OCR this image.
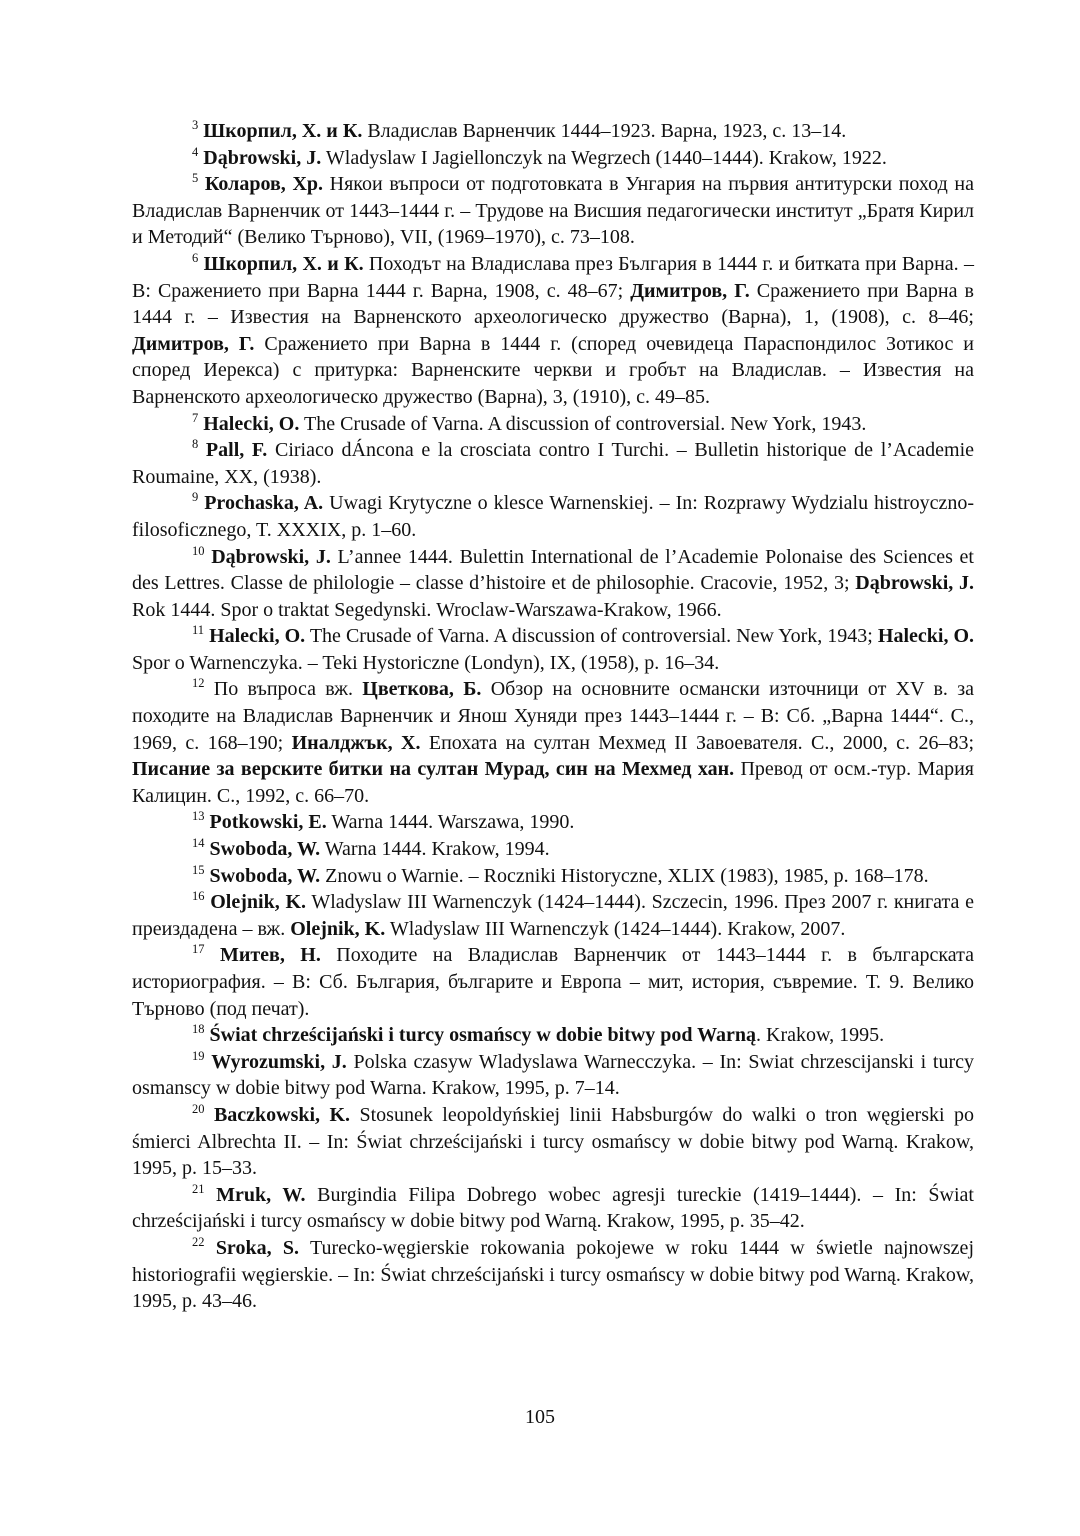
$^3$ Шкорпил, Х. и К. Владислав Варненчик 1444–1923. Варна, 1923, с. 13–14.

$^4$ Dąbrowski, J. Wladyslaw I Jagiellonczyk na Wegrzech (1440–1444). Krakow, 1922.

$^5$ Коларов, Хр. Някои въпроси от подготовката в Унгария на първия антитурски поход на Владислав Варненчик от 1443–1444 г. – Трудове на Висшия педагогически институт „Братя Кирил и Методий“ (Велико Търново), VII, (1969–1970), с. 73–108.

$^6$ Шкорпил, Х. и К. Походът на Владислава през България в 1444 г. и битката при Варна. – В: Сражението при Варна 1444 г. Варна, 1908, с. 48–67; Димитров, Г. Сражението при Варна в 1444 г. – Известия на Варненското археологическо дружество (Варна), 1, (1908), с. 8–46; Димитров, Г. Сражението при Варна в 1444 г. (според очевидеца Параспондилос Зотикос и според Иерекса) с притурка: Варненските черкви и гробът на Владислав. – Известия на Варненското археологическо дружество (Варна), 3, (1910), с. 49–85.

$^7$ Halecki, O. The Crusade of Varna. A discussion of controversial. New York, 1943.

$^8$ Pall, F. Ciriaco dÁncona e la crosciata contro I Turchi. – Bulletin historique de l’Academie Roumaine, XX, (1938).

$^9$ Prochaska, A. Uwagi Krytyczne o klesce Warnenskiej. – In: Rozprawy Wydzialu histroyczno-filosoficznego, T. XXXIX, p. 1–60.

$^{10}$ Dąbrowski, J. L’annee 1444. Bulettin International de l’Academie Polonaise des Sciences et des Lettres. Classe de philologie – classe d’histoire et de philosophie. Cracovie, 1952, 3; Dąbrowski, J. Rok 1444. Spor o traktat Segedynski. Wroclaw-Warszawa-Krakow, 1966.

$^{11}$ Halecki, O. The Crusade of Varna. A discussion of controversial. New York, 1943; Halecki, O. Spor o Warnenczyka. – Teki Hystoriczne (Londyn), IX, (1958), p. 16–34.

$^{12}$ По въпроса вж. Цветкова, Б. Обзор на основните османски източници от XV в. за походите на Владислав Варненчик и Янош Хуняди през 1443–1444 г. – В: Сб. „Варна 1444“. С., 1969, с. 168–190; Иналджък, Х. Епохата на султан Мехмед II Завоевателя. С., 2000, с. 26–83; Писание за верските битки на султан Мурад, син на Мехмед хан. Превод от осм.-тур. Мария Калицин. С., 1992, с. 66–70.

$^{13}$ Potkowski, E. Warna 1444. Warszawa, 1990.

$^{14}$ Swoboda, W. Warna 1444. Krakow, 1994.

$^{15}$ Swoboda, W. Znowu o Warnie. – Roczniki Historyczne, XLIX (1983), 1985, p. 168–178.

$^{16}$ Olejnik, K. Wladyslaw III Warnenczyk (1424–1444). Szczecin, 1996. През 2007 г. книгата е преиздадена – вж. Olejnik, K. Wladyslaw III Warnenczyk (1424–1444). Krakow, 2007.

$^{17}$ Митев, Н. Походите на Владислав Варненчик от 1443–1444 г. в българската историография. – В: Сб. България, българите и Европа – мит, история, съвремие. Т. 9. Велико Търново (под печат).

$^{18}$ Świat chrześcijański i turcy osmańscy w dobie bitwy pod Warną. Krakow, 1995.

$^{19}$ Wyrozumski, J. Polska czasyw Wladyslawa Warnecczyka. – In: Swiat chrzescijanski i turcy osmanscy w dobie bitwy pod Warna. Krakow, 1995, p. 7–14.

$^{20}$ Baczkowski, K. Stosunek leopoldyńskiej linii Habsburgów do walki o tron węgierski po śmierci Albrechta II. – In: Świat chrześcijański i turcy osmańscy w dobie bitwy pod Warną. Krakow, 1995, p. 15–33.

$^{21}$ Mruk, W. Burgindia Filipa Dobrego wobec agresji tureckie (1419–1444). – In: Świat chrześcijański i turcy osmańscy w dobie bitwy pod Warną. Krakow, 1995, p. 35–42.

$^{22}$ Sroka, S. Turecko-węgierskie rokowania pokojewe w roku 1444 w świetle najnowszej historiografii węgierskie. – In: Świat chrześcijański i turcy osmańscy w dobie bitwy pod Warną. Krakow, 1995, p. 43–46.

105
